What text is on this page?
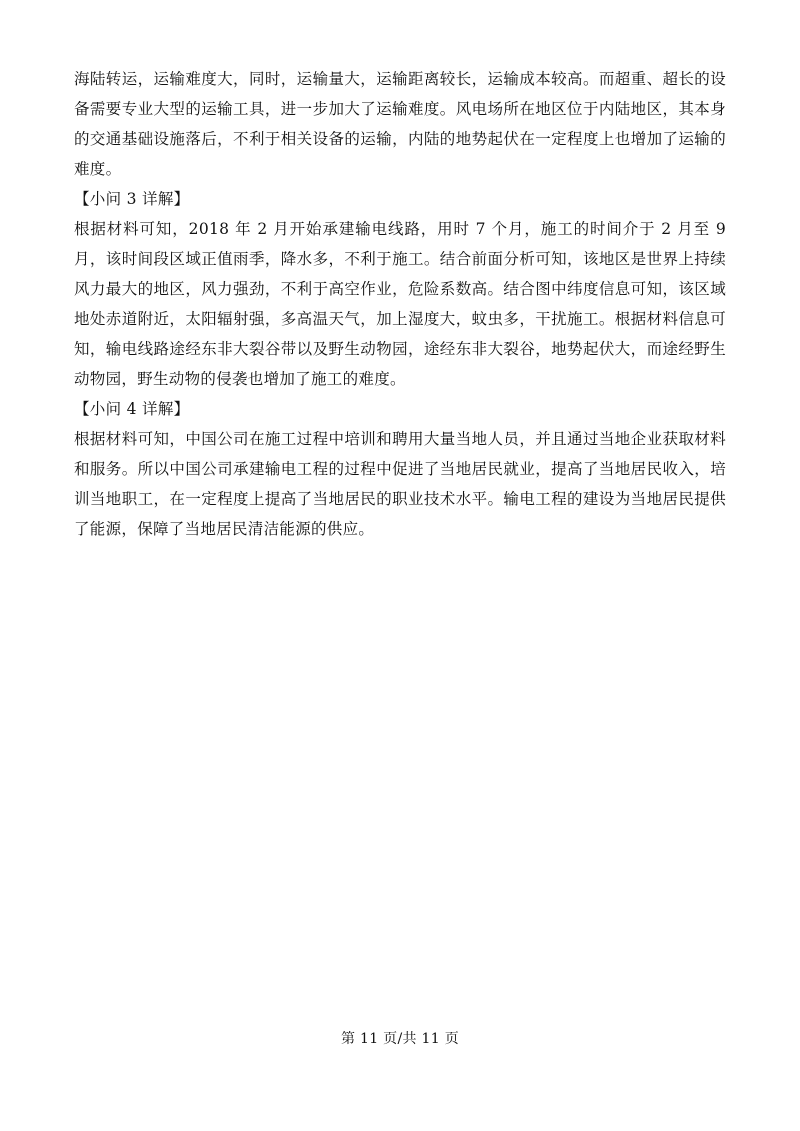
海陆转运，运输难度大，同时，运输量大，运输距离较长，运输成本较高。而超重、超长的设备需要专业大型的运输工具，进一步加大了运输难度。风电场所在地区位于内陆地区，其本身的交通基础设施落后，不利于相关设备的运输，内陆的地势起伏在一定程度上也增加了运输的难度。

【小问 3 详解】

根据材料可知，2018 年 2 月开始承建输电线路，用时 7 个月，施工的时间介于 2 月至 9 月，该时间段区域正值雨季，降水多，不利于施工。结合前面分析可知，该地区是世界上持续风力最大的地区，风力强劲，不利于高空作业，危险系数高。结合图中纬度信息可知，该区域地处赤道附近，太阳辐射强，多高温天气，加上湿度大，蚊虫多，干扰施工。根据材料信息可知，输电线路途经东非大裂谷带以及野生动物园，途经东非大裂谷，地势起伏大，而途经野生动物园，野生动物的侵袭也增加了施工的难度。

【小问 4 详解】

根据材料可知，中国公司在施工过程中培训和聘用大量当地人员，并且通过当地企业获取材料和服务。所以中国公司承建输电工程的过程中促进了当地居民就业，提高了当地居民收入，培训当地职工，在一定程度上提高了当地居民的职业技术水平。输电工程的建设为当地居民提供了能源，保障了当地居民清洁能源的供应。

第 11 页/共 11 页
